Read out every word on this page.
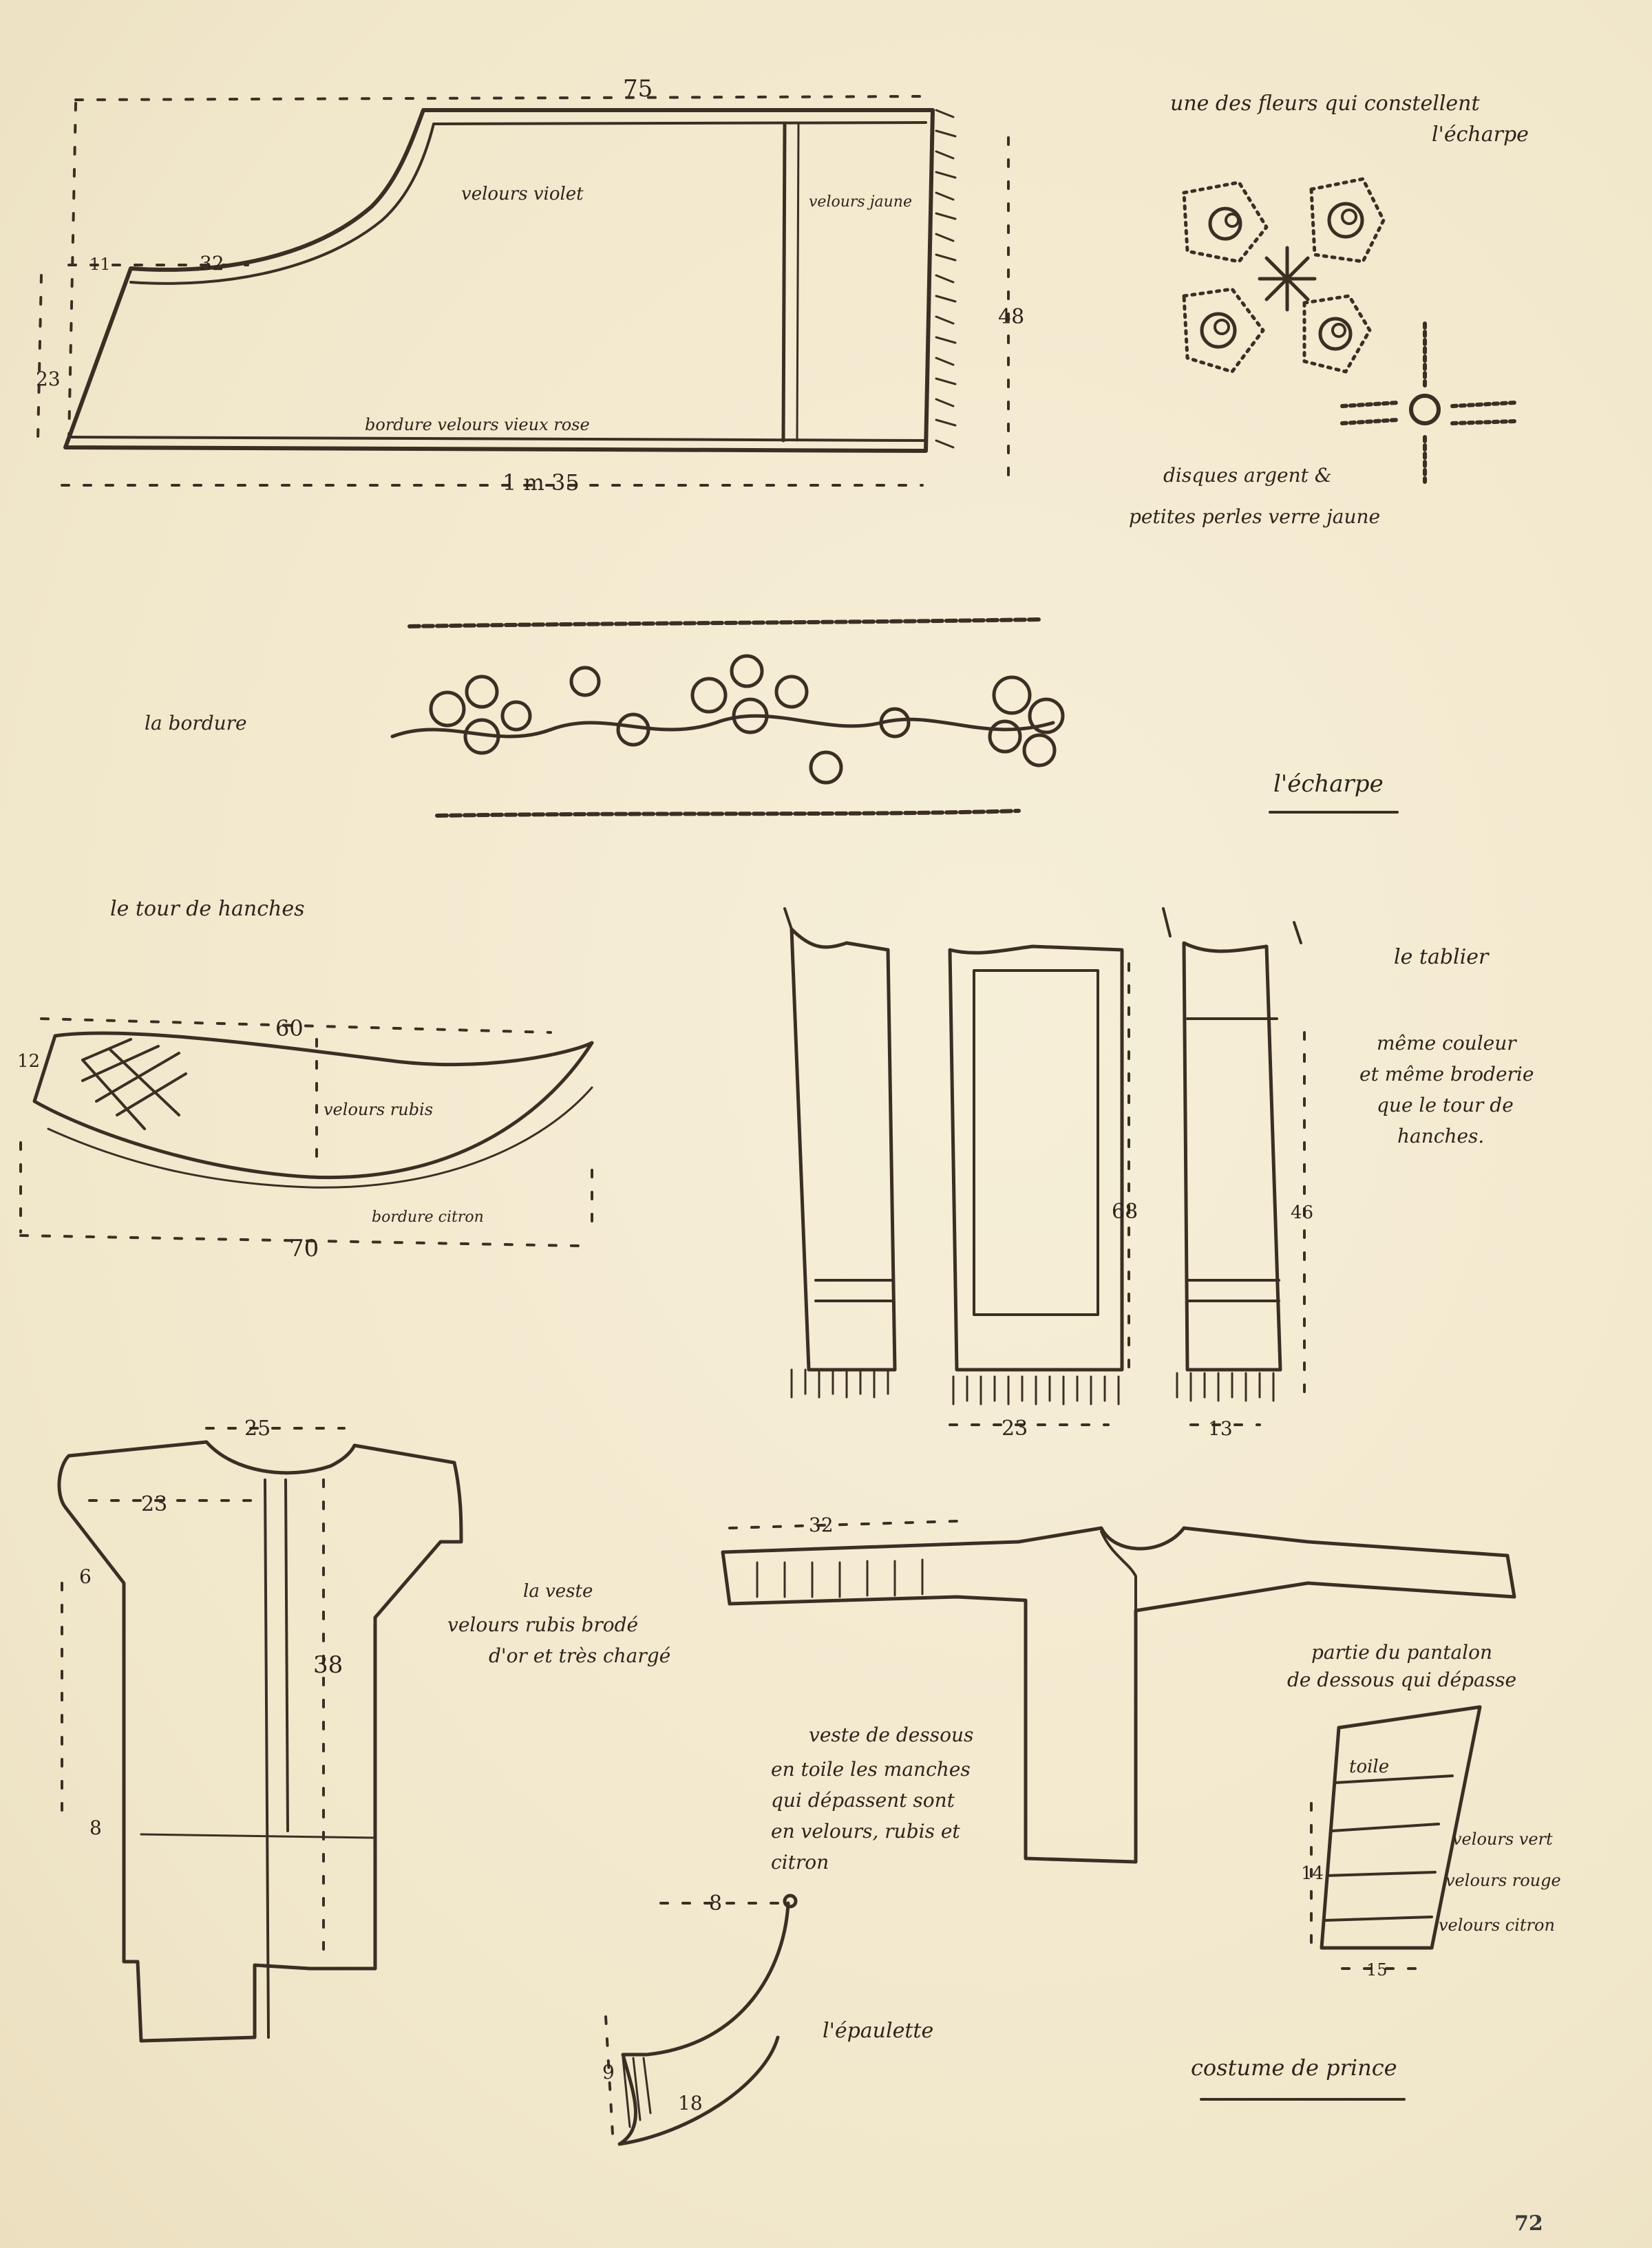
75
1 m 35
23
48
32
11
velours violet	velours jaune
bordure velours vieux rose
une des fleurs qui constellent
l'écharpe
disques argent &
petites perles verre jaune
la bordure
l'écharpe
le tour de hanches
60
70
12
velours rubis
bordure citron	68	46
23	13
le tablier
même couleur
et même broderie
que le tour de
hanches.
25
23
6
38
8
la veste
velours rubis brodé
d'or et très chargé
32
veste de dessous
en toile les manches
qui dépassent sont
en velours, rubis et
citron
8
9
18
l'épaulette
partie du pantalon
de dessous qui dépasse
toile
velours vert
velours rouge
velours citron
14
15
costume de prince
72
